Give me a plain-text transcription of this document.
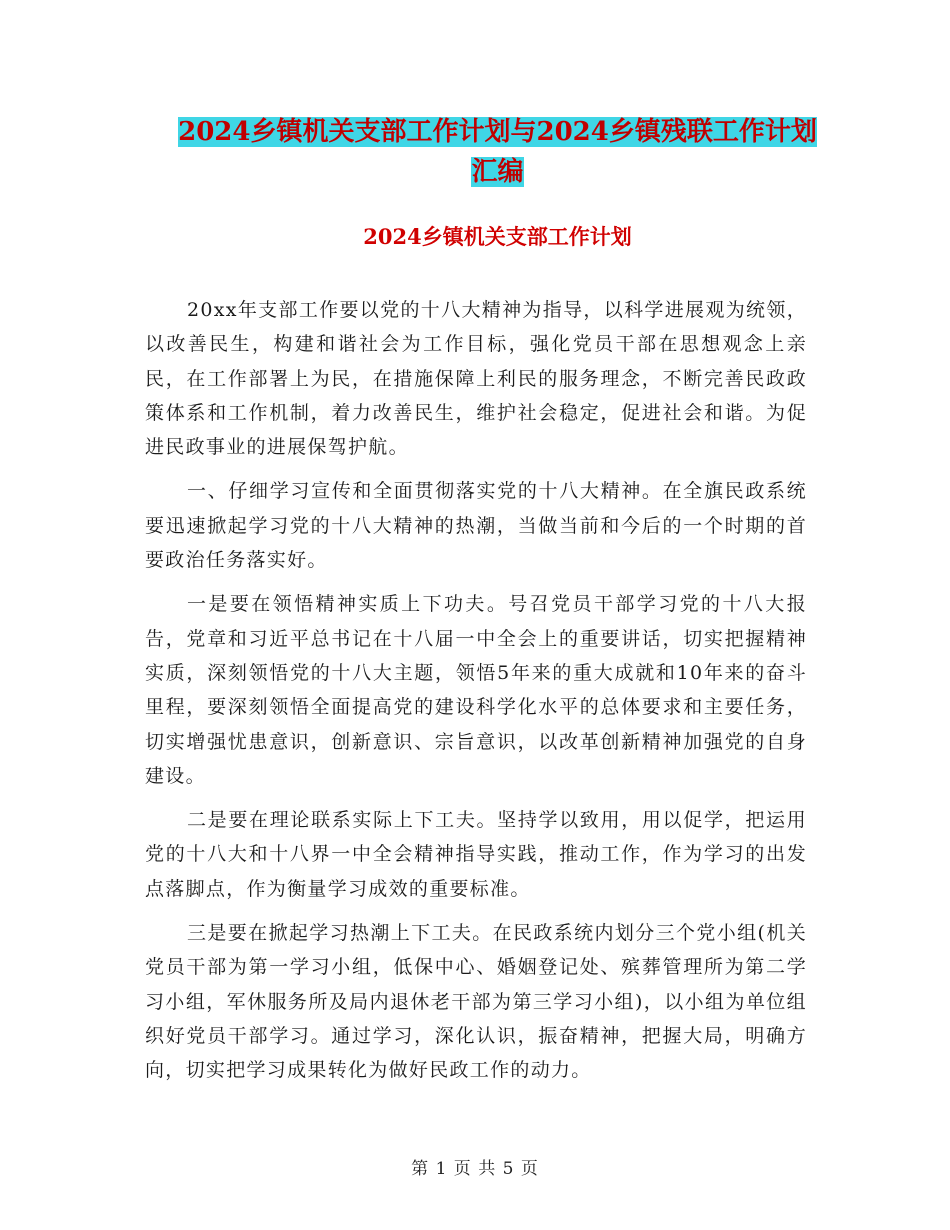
2024乡镇机关支部工作计划与2024乡镇残联工作计划
汇编
2024乡镇机关支部工作计划

20xx年支部工作要以党的十八大精神为指导，以科学进展观为统领，以改善民生，构建和谐社会为工作目标，强化党员干部在思想观念上亲民，在工作部署上为民，在措施保障上利民的服务理念，不断完善民政政策体系和工作机制，着力改善民生，维护社会稳定，促进社会和谐。为促进民政事业的进展保驾护航。

一、仔细学习宣传和全面贯彻落实党的十八大精神。在全旗民政系统要迅速掀起学习党的十八大精神的热潮，当做当前和今后的一个时期的首要政治任务落实好。

一是要在领悟精神实质上下功夫。号召党员干部学习党的十八大报告，党章和习近平总书记在十八届一中全会上的重要讲话，切实把握精神实质，深刻领悟党的十八大主题，领悟5年来的重大成就和10年来的奋斗里程，要深刻领悟全面提高党的建设科学化水平的总体要求和主要任务，切实增强忧患意识，创新意识、宗旨意识，以改革创新精神加强党的自身建设。

二是要在理论联系实际上下工夫。坚持学以致用，用以促学，把运用党的十八大和十八界一中全会精神指导实践，推动工作，作为学习的出发点落脚点，作为衡量学习成效的重要标准。

三是要在掀起学习热潮上下工夫。在民政系统内划分三个党小组(机关党员干部为第一学习小组，低保中心、婚姻登记处、殡葬管理所为第二学习小组，军休服务所及局内退休老干部为第三学习小组)，以小组为单位组织好党员干部学习。通过学习，深化认识，振奋精神，把握大局，明确方向，切实把学习成果转化为做好民政工作的动力。

第 1 页 共 5 页
